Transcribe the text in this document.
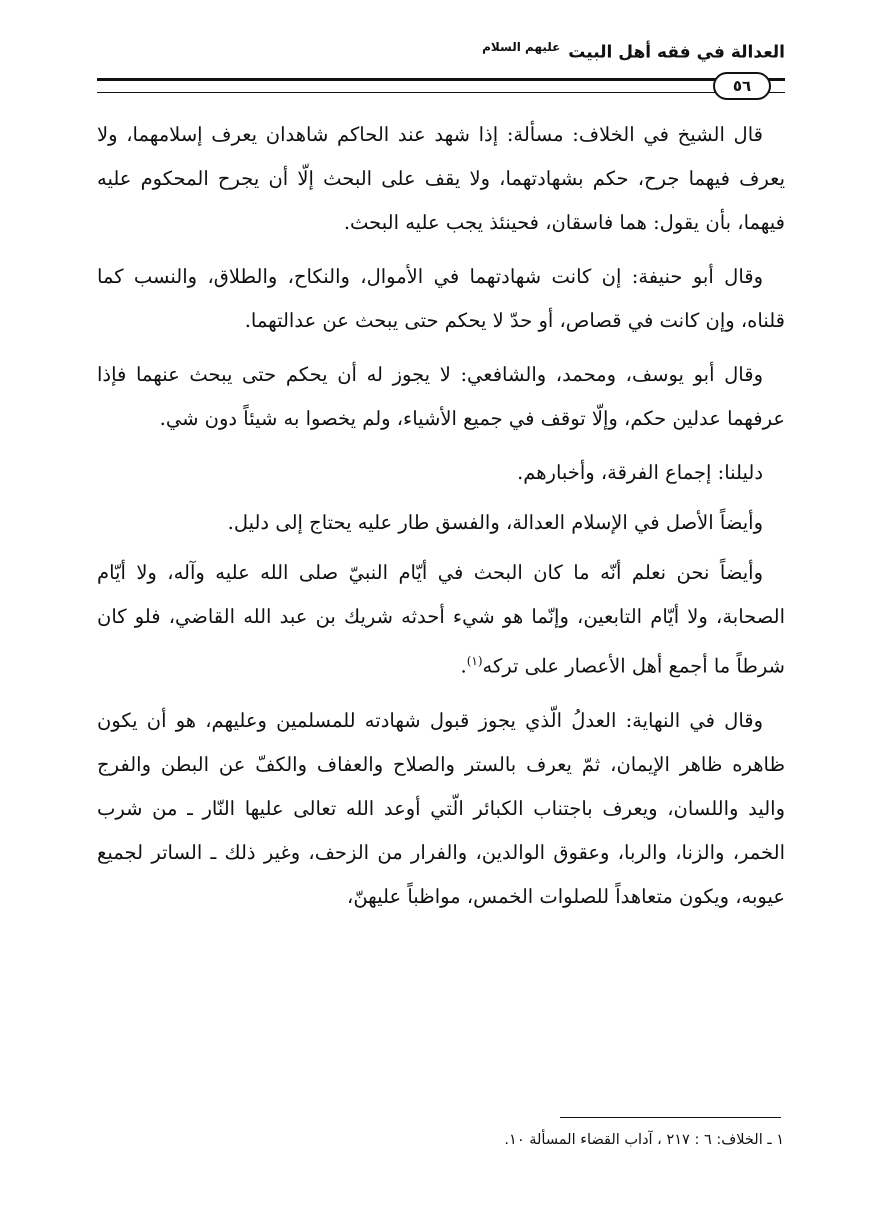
العدالة في فقه أهل البيت $^{عليهم السلام}$
٥٦

قال الشيخ في الخلاف: مسألة: إذا شهد عند الحاكم شاهدان يعرف إسلامهما، ولا يعرف فيهما جرح، حكم بشهادتهما، ولا يقف على البحث إلّا أن يجرح المحكوم عليه فيهما، بأن يقول: هما فاسقان، فحينئذ يجب عليه البحث.

وقال أبو حنيفة: إن كانت شهادتهما في الأموال، والنكاح، والطلاق، والنسب كما قلناه، وإن كانت في قصاص، أو حدّ لا يحكم حتى يبحث عن عدالتهما.

وقال أبو يوسف، ومحمد، والشافعي: لا يجوز له أن يحكم حتى يبحث عنهما فإذا عرفهما عدلين حكم، وإلّا توقف في جميع الأشياء، ولم يخصوا به شيئاً دون شي.

دليلنا: إجماع الفرقة، وأخبارهم.

وأيضاً الأصل في الإسلام العدالة، والفسق طار عليه يحتاج إلى دليل.

وأيضاً نحن نعلم أنّه ما كان البحث في أيّام النبيّ صلى الله عليه وآله، ولا أيّام الصحابة، ولا أيّام التابعين، وإنّما هو شيء أحدثه شريك بن عبد الله القاضي، فلو كان شرطاً ما أجمع أهل الأعصار على تركه$^{(١)}$.

وقال في النهاية: العدلُ الّذي يجوز قبول شهادته للمسلمين وعليهم، هو أن يكون ظاهره ظاهر الإيمان، ثمّ يعرف بالستر والصلاح والعفاف والكفّ عن البطن والفرج واليد واللسان، ويعرف باجتناب الكبائر الّتي أوعد الله تعالى عليها النّار ـ من شرب الخمر، والزنا، والربا، وعقوق الوالدين، والفرار من الزحف، وغير ذلك ـ الساتر لجميع عيوبه، ويكون متعاهداً للصلوات الخمس، مواظباً عليهنّ،

١ ـ الخلاف: ٦ : ٢١٧ ، آداب القضاء المسألة ١٠.
